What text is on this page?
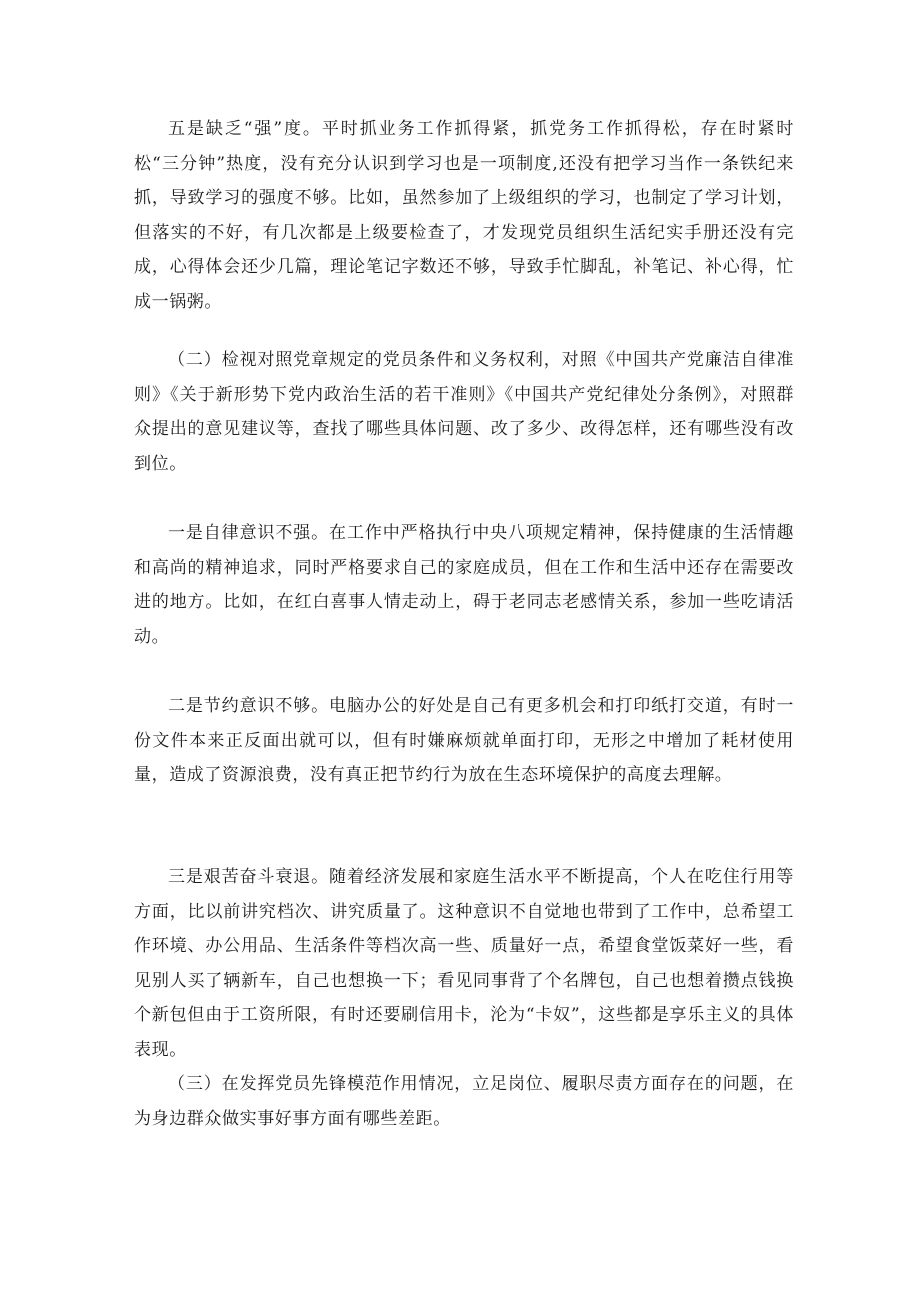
五是缺乏“强”度。平时抓业务工作抓得紧，抓党务工作抓得松，存在时紧时松“三分钟”热度，没有充分认识到学习也是一项制度,还没有把学习当作一条铁纪来抓，导致学习的强度不够。比如，虽然参加了上级组织的学习，也制定了学习计划，但落实的不好，有几次都是上级要检查了，才发现党员组织生活纪实手册还没有完成，心得体会还少几篇，理论笔记字数还不够，导致手忙脚乱，补笔记、补心得，忙成一锅粥。

（二）检视对照党章规定的党员条件和义务权利，对照《中国共产党廉洁自律准则》《关于新形势下党内政治生活的若干准则》《中国共产党纪律处分条例》，对照群众提出的意见建议等，查找了哪些具体问题、改了多少、改得怎样，还有哪些没有改到位。

一是自律意识不强。在工作中严格执行中央八项规定精神，保持健康的生活情趣和高尚的精神追求，同时严格要求自己的家庭成员，但在工作和生活中还存在需要改进的地方。比如，在红白喜事人情走动上，碍于老同志老感情关系，参加一些吃请活动。

二是节约意识不够。电脑办公的好处是自己有更多机会和打印纸打交道，有时一份文件本来正反面出就可以，但有时嫌麻烦就单面打印，无形之中增加了耗材使用量，造成了资源浪费，没有真正把节约行为放在生态环境保护的高度去理解。

三是艰苦奋斗衰退。随着经济发展和家庭生活水平不断提高，个人在吃住行用等方面，比以前讲究档次、讲究质量了。这种意识不自觉地也带到了工作中，总希望工作环境、办公用品、生活条件等档次高一些、质量好一点，希望食堂饭菜好一些，看见别人买了辆新车，自己也想换一下；看见同事背了个名牌包，自己也想着攒点钱换个新包但由于工资所限，有时还要刷信用卡，沦为“卡奴”，这些都是享乐主义的具体表现。

（三）在发挥党员先锋模范作用情况，立足岗位、履职尽责方面存在的问题，在为身边群众做实事好事方面有哪些差距。
